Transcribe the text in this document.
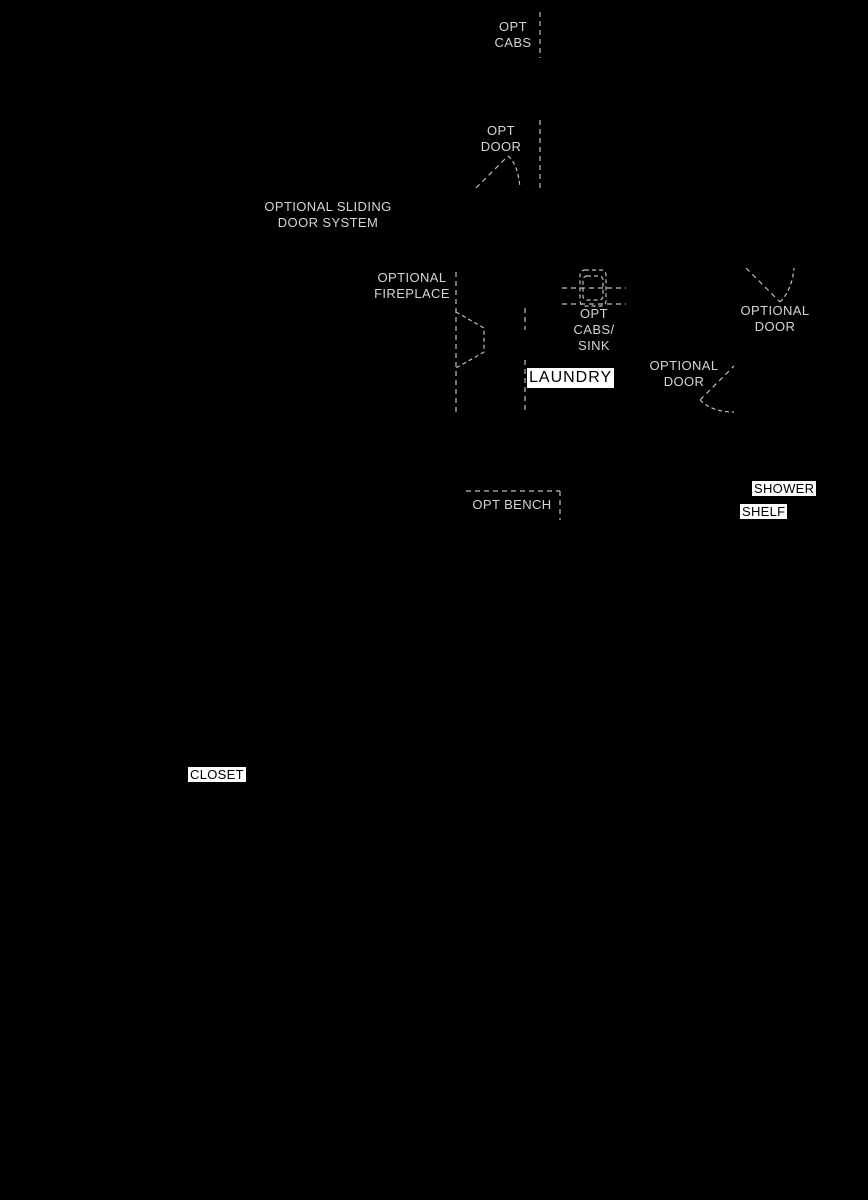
OPT
CABS
OPT
DOOR
OPTIONAL SLIDING
DOOR SYSTEM
OPTIONAL
FIREPLACE
OPT
CABS/
SINK
OPTIONAL
DOOR
OPTIONAL
DOOR
OPT BENCH
LAUNDRY
SHOWER
SHELF
CLOSET
